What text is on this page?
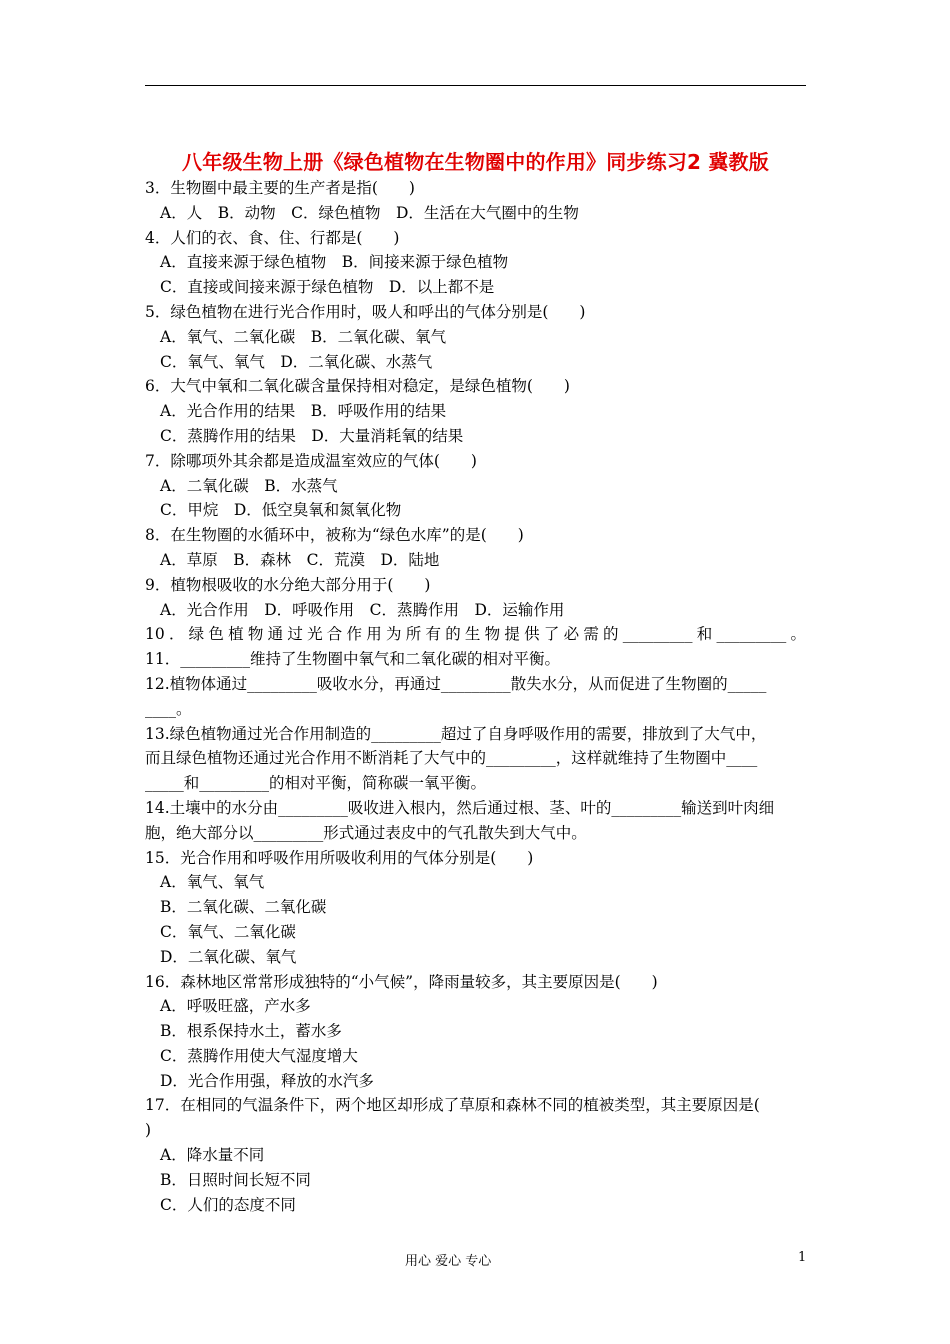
八年级生物上册《绿色植物在生物圈中的作用》同步练习2 冀教版
3．生物圈中最主要的生产者是指(　　)
A．人　B．动物　C．绿色植物　D．生活在大气圈中的生物
4．人们的衣、食、住、行都是(　　)
A．直接来源于绿色植物　B．间接来源于绿色植物
C．直接或间接来源于绿色植物　D．以上都不是
5．绿色植物在进行光合作用时，吸人和呼出的气体分别是(　　)
A．氧气、二氧化碳　B．二氧化碳、氧气
C．氧气、氧气　D．二氧化碳、水蒸气
6．大气中氧和二氧化碳含量保持相对稳定，是绿色植物(　　)
A．光合作用的结果　B．呼吸作用的结果
C．蒸腾作用的结果　D．大量消耗氧的结果
7．除哪项外其余都是造成温室效应的气体(　　)
A．二氧化碳　B．水蒸气
C．甲烷　D．低空臭氧和氮氧化物
8．在生物圈的水循环中，被称为“绿色水库”的是(　　)
A．草原　B．森林　C．荒漠　D．陆地
9．植物根吸收的水分绝大部分用于(　　)
A．光合作用　D．呼吸作用　C．蒸腾作用　D．运输作用
10．绿色植物通过光合作用为所有的生物提供了必需的_________和_________。
11．_________维持了生物圈中氧气和二氧化碳的相对平衡。
12.植物体通过_________吸收水分，再通过_________散失水分，从而促进了生物圈的_____
____。
13.绿色植物通过光合作用制造的_________超过了自身呼吸作用的需要，排放到了大气中，
而且绿色植物还通过光合作用不断消耗了大气中的_________，这样就维持了生物圈中____
_____和_________的相对平衡，简称碳一氧平衡。
14.土壤中的水分由_________吸收进入根内，然后通过根、茎、叶的_________输送到叶肉细
胞，绝大部分以_________形式通过表皮中的气孔散失到大气中。
15．光合作用和呼吸作用所吸收利用的气体分别是(　　)
A．氧气、氧气
B．二氧化碳、二氧化碳
C．氧气、二氧化碳
D．二氧化碳、氧气
16．森林地区常常形成独特的“小气候”，降雨量较多，其主要原因是(　　)
A．呼吸旺盛，产水多
B．根系保持水土，蓄水多
C．蒸腾作用使大气湿度增大
D．光合作用强，释放的水汽多
17．在相同的气温条件下，两个地区却形成了草原和森林不同的植被类型，其主要原因是(
)
A．降水量不同
B．日照时间长短不同
C．人们的态度不同
用心 爱心 专心	1
